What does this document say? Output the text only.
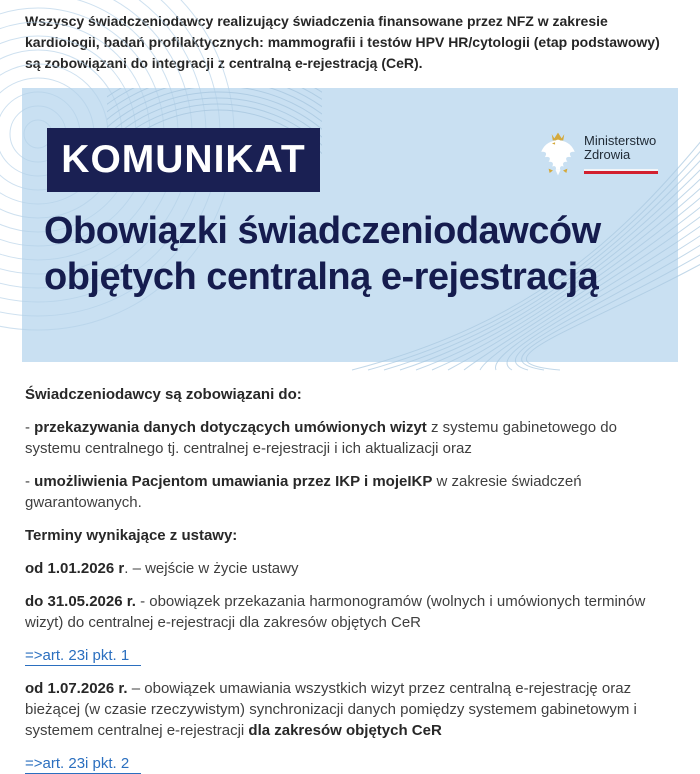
Wszyscy świadczeniodawcy realizujący świadczenia finansowane przez NFZ w zakresie kardiologii, badań profilaktycznych: mammografii i testów HPV HR/cytologii (etap podstawowy) są zobowiązani do integracji z centralną e-rejestracją (CeR).

KOMUNIKAT	Ministerstwo
Zdrowia
Obowiązki świadczeniodawców
objętych centralną e-rejestracją

Świadczeniodawcy są zobowiązani do:

- przekazywania danych dotyczących umówionych wizyt z systemu gabinetowego do systemu centralnego tj. centralnej e-rejestracji i ich aktualizacji oraz

- umożliwienia Pacjentom umawiania przez IKP i mojeIKP w zakresie świadczeń gwarantowanych.

Terminy wynikające z ustawy:

od 1.01.2026 r. – wejście w życie ustawy

do 31.05.2026 r. - obowiązek przekazania harmonogramów (wolnych i umówionych terminów wizyt) do centralnej e-rejestracji dla zakresów objętych CeR

=>art. 23i pkt. 1

od 1.07.2026 r. – obowiązek umawiania wszystkich wizyt przez centralną e-rejestrację oraz bieżącej (w czasie rzeczywistym) synchronizacji danych pomiędzy systemem gabinetowym i systemem centralnej e-rejestracji dla zakresów objętych CeR

=>art. 23i pkt. 2
